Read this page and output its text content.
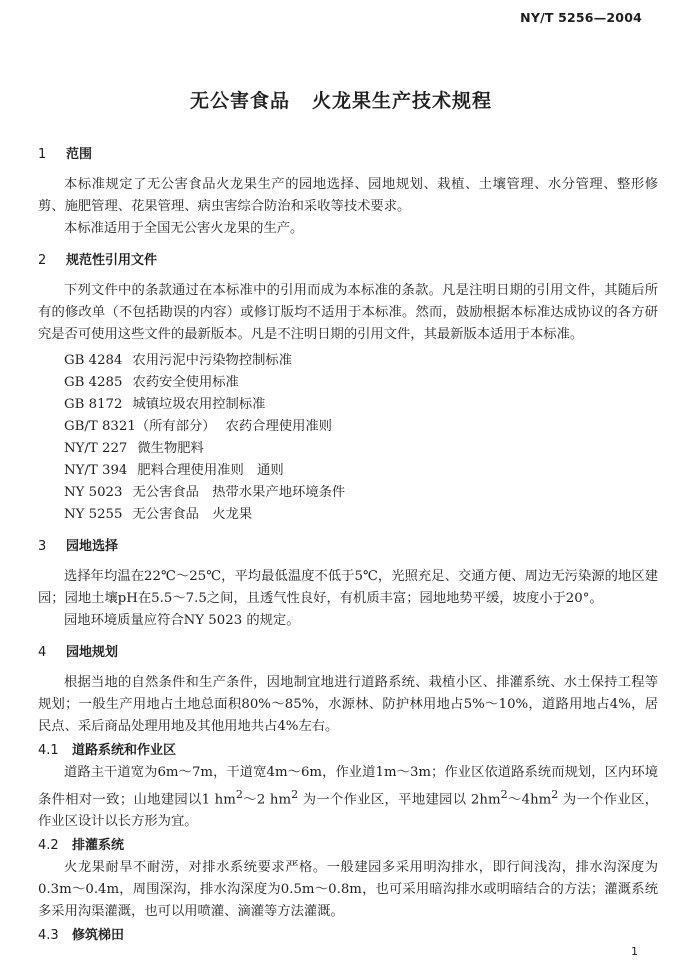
NY/T 5256—2004
无公害食品 火龙果生产技术规程
1 范围

本标准规定了无公害食品火龙果生产的园地选择、园地规划、栽植、土壤管理、水分管理、整形修剪、施肥管理、花果管理、病虫害综合防治和采收等技术要求。

本标准适用于全国无公害火龙果的生产。

2 规范性引用文件

下列文件中的条款通过在本标准中的引用而成为本标准的条款。凡是注明日期的引用文件，其随后所有的修改单（不包括勘误的内容）或修订版均不适用于本标准。然而，鼓励根据本标准达成协议的各方研究是否可使用这些文件的最新版本。凡是不注明日期的引用文件，其最新版本适用于本标准。

GB 4284 农用污泥中污染物控制标准
GB 4285 农药安全使用标准
GB 8172 城镇垃圾农用控制标准
GB/T 8321（所有部分） 农药合理使用准则
NY/T 227 微生物肥料
NY/T 394 肥料合理使用准则　通则
NY 5023 无公害食品　热带水果产地环境条件
NY 5255 无公害食品　火龙果
3 园地选择

选择年均温在22℃～25℃，平均最低温度不低于5℃，光照充足、交通方便、周边无污染源的地区建园；园地土壤pH在5.5～7.5之间，且透气性良好，有机质丰富；园地地势平缓，坡度小于20°。

园地环境质量应符合NY 5023 的规定。

4 园地规划

根据当地的自然条件和生产条件，因地制宜地进行道路系统、栽植小区、排灌系统、水土保持工程等规划；一般生产用地占土地总面积80%～85%，水源林、防护林用地占5%～10%，道路用地占4%，居民点、采后商品处理用地及其他用地共占4%左右。

4.1 道路系统和作业区

道路主干道宽为6m～7m，干道宽4m～6m，作业道1m～3m；作业区依道路系统而规划，区内环境条件相对一致；山地建园以1 $hm^2\sim 2$ $hm^2$ 为一个作业区，平地建园以 $2hm^2\sim 4hm^2$ 为一个作业区，作业区设计以长方形为宜。

4.2 排灌系统

火龙果耐旱不耐涝，对排水系统要求严格。一般建园多采用明沟排水，即行间浅沟，排水沟深度为0.3m～0.4m，周围深沟，排水沟深度为0.5m～0.8m，也可采用暗沟排水或明暗结合的方法；灌溉系统多采用沟渠灌溉，也可以用喷灌、滴灌等方法灌溉。

4.3 修筑梯田
1
